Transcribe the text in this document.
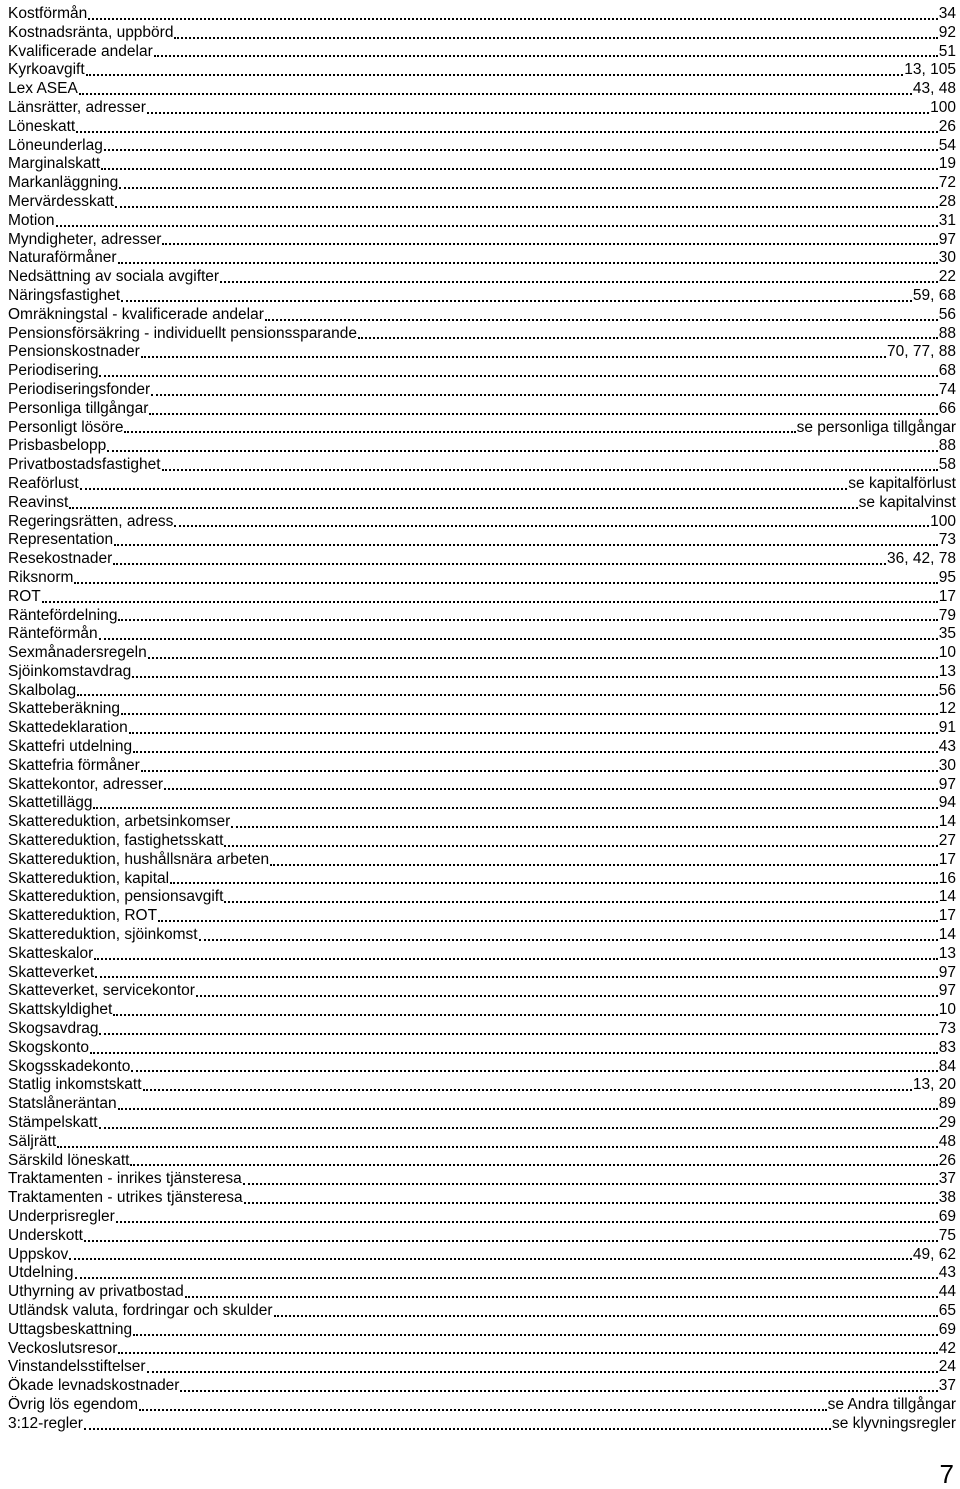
Kostförmån	34
Kostnadsränta, uppbörd	92
Kvalificerade andelar	51
Kyrkoavgift	13, 105
Lex ASEA	43, 48
Länsrätter, adresser	100
Löneskatt	26
Löneunderlag	54
Marginalskatt	19
Markanläggning	72
Mervärdesskatt	28
Motion	31
Myndigheter, adresser	97
Naturaförmåner	30
Nedsättning av sociala avgifter	22
Näringsfastighet	59, 68
Omräkningstal - kvalificerade andelar	56
Pensionsförsäkring - individuellt pensionssparande	88
Pensionskostnader	70, 77, 88
Periodisering	68
Periodiseringsfonder	74
Personliga tillgångar	66
Personligt lösöre	se personliga tillgångar
Prisbasbelopp	88
Privatbostadsfastighet	58
Reaförlust	se kapitalförlust
Reavinst	se kapitalvinst
Regeringsrätten, adress	100
Representation	73
Resekostnader	36, 42, 78
Riksnorm	95
ROT	17
Räntefördelning	79
Ränteförmån	35
Sexmånadersregeln	10
Sjöinkomstavdrag	13
Skalbolag	56
Skatteberäkning	12
Skattedeklaration	91
Skattefri utdelning	43
Skattefria förmåner	30
Skattekontor, adresser	97
Skattetillägg	94
Skattereduktion, arbetsinkomser	14
Skattereduktion, fastighetsskatt	27
Skattereduktion, hushållsnära arbeten	17
Skattereduktion, kapital	16
Skattereduktion, pensionsavgift	14
Skattereduktion, ROT	17
Skattereduktion, sjöinkomst	14
Skatteskalor	13
Skatteverket	97
Skatteverket, servicekontor	97
Skattskyldighet	10
Skogsavdrag	73
Skogskonto	83
Skogsskadekonto	84
Statlig inkomstskatt	13, 20
Statslåneräntan	89
Stämpelskatt	29
Säljrätt	48
Särskild löneskatt	26
Traktamenten - inrikes tjänsteresa	37
Traktamenten - utrikes tjänsteresa	38
Underprisregler	69
Underskott	75
Uppskov	49, 62
Utdelning	43
Uthyrning av privatbostad	44
Utländsk valuta, fordringar och skulder	65
Uttagsbeskattning	69
Veckoslutsresor	42
Vinstandelsstiftelser	24
Ökade levnadskostnader	37
Övrig lös egendom	se Andra tillgångar
3:12-regler	se klyvningsregler
7
